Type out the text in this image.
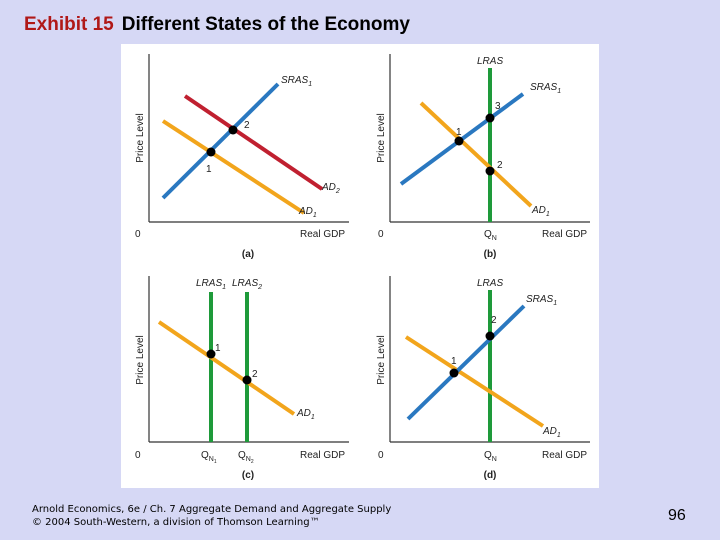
Exhibit 15 Different States of the Economy
1
2
$SRAS_1$
$AD_2$
$AD_1$
Price Level
0	Real GDP
(a)
1
3
2
LRAS
$SRAS_1$
$AD_1$
Price Level
0	$Q_N$	Real GDP
(b)
1
2
$LRAS_1$ $LRAS_2$
$AD_1$
Price Level
0	$Q_{N1}$
$Q_{N2}$
Real GDP
(c)
1
2
LRAS
$SRAS_1$
$AD_1$
Price Level
0	$Q_N$	Real GDP
(d)
Arnold Economics, 6e / Ch. 7 Aggregate Demand and Aggregate Supply
© 2004 South-Western, a division of Thomson Learning™	96
